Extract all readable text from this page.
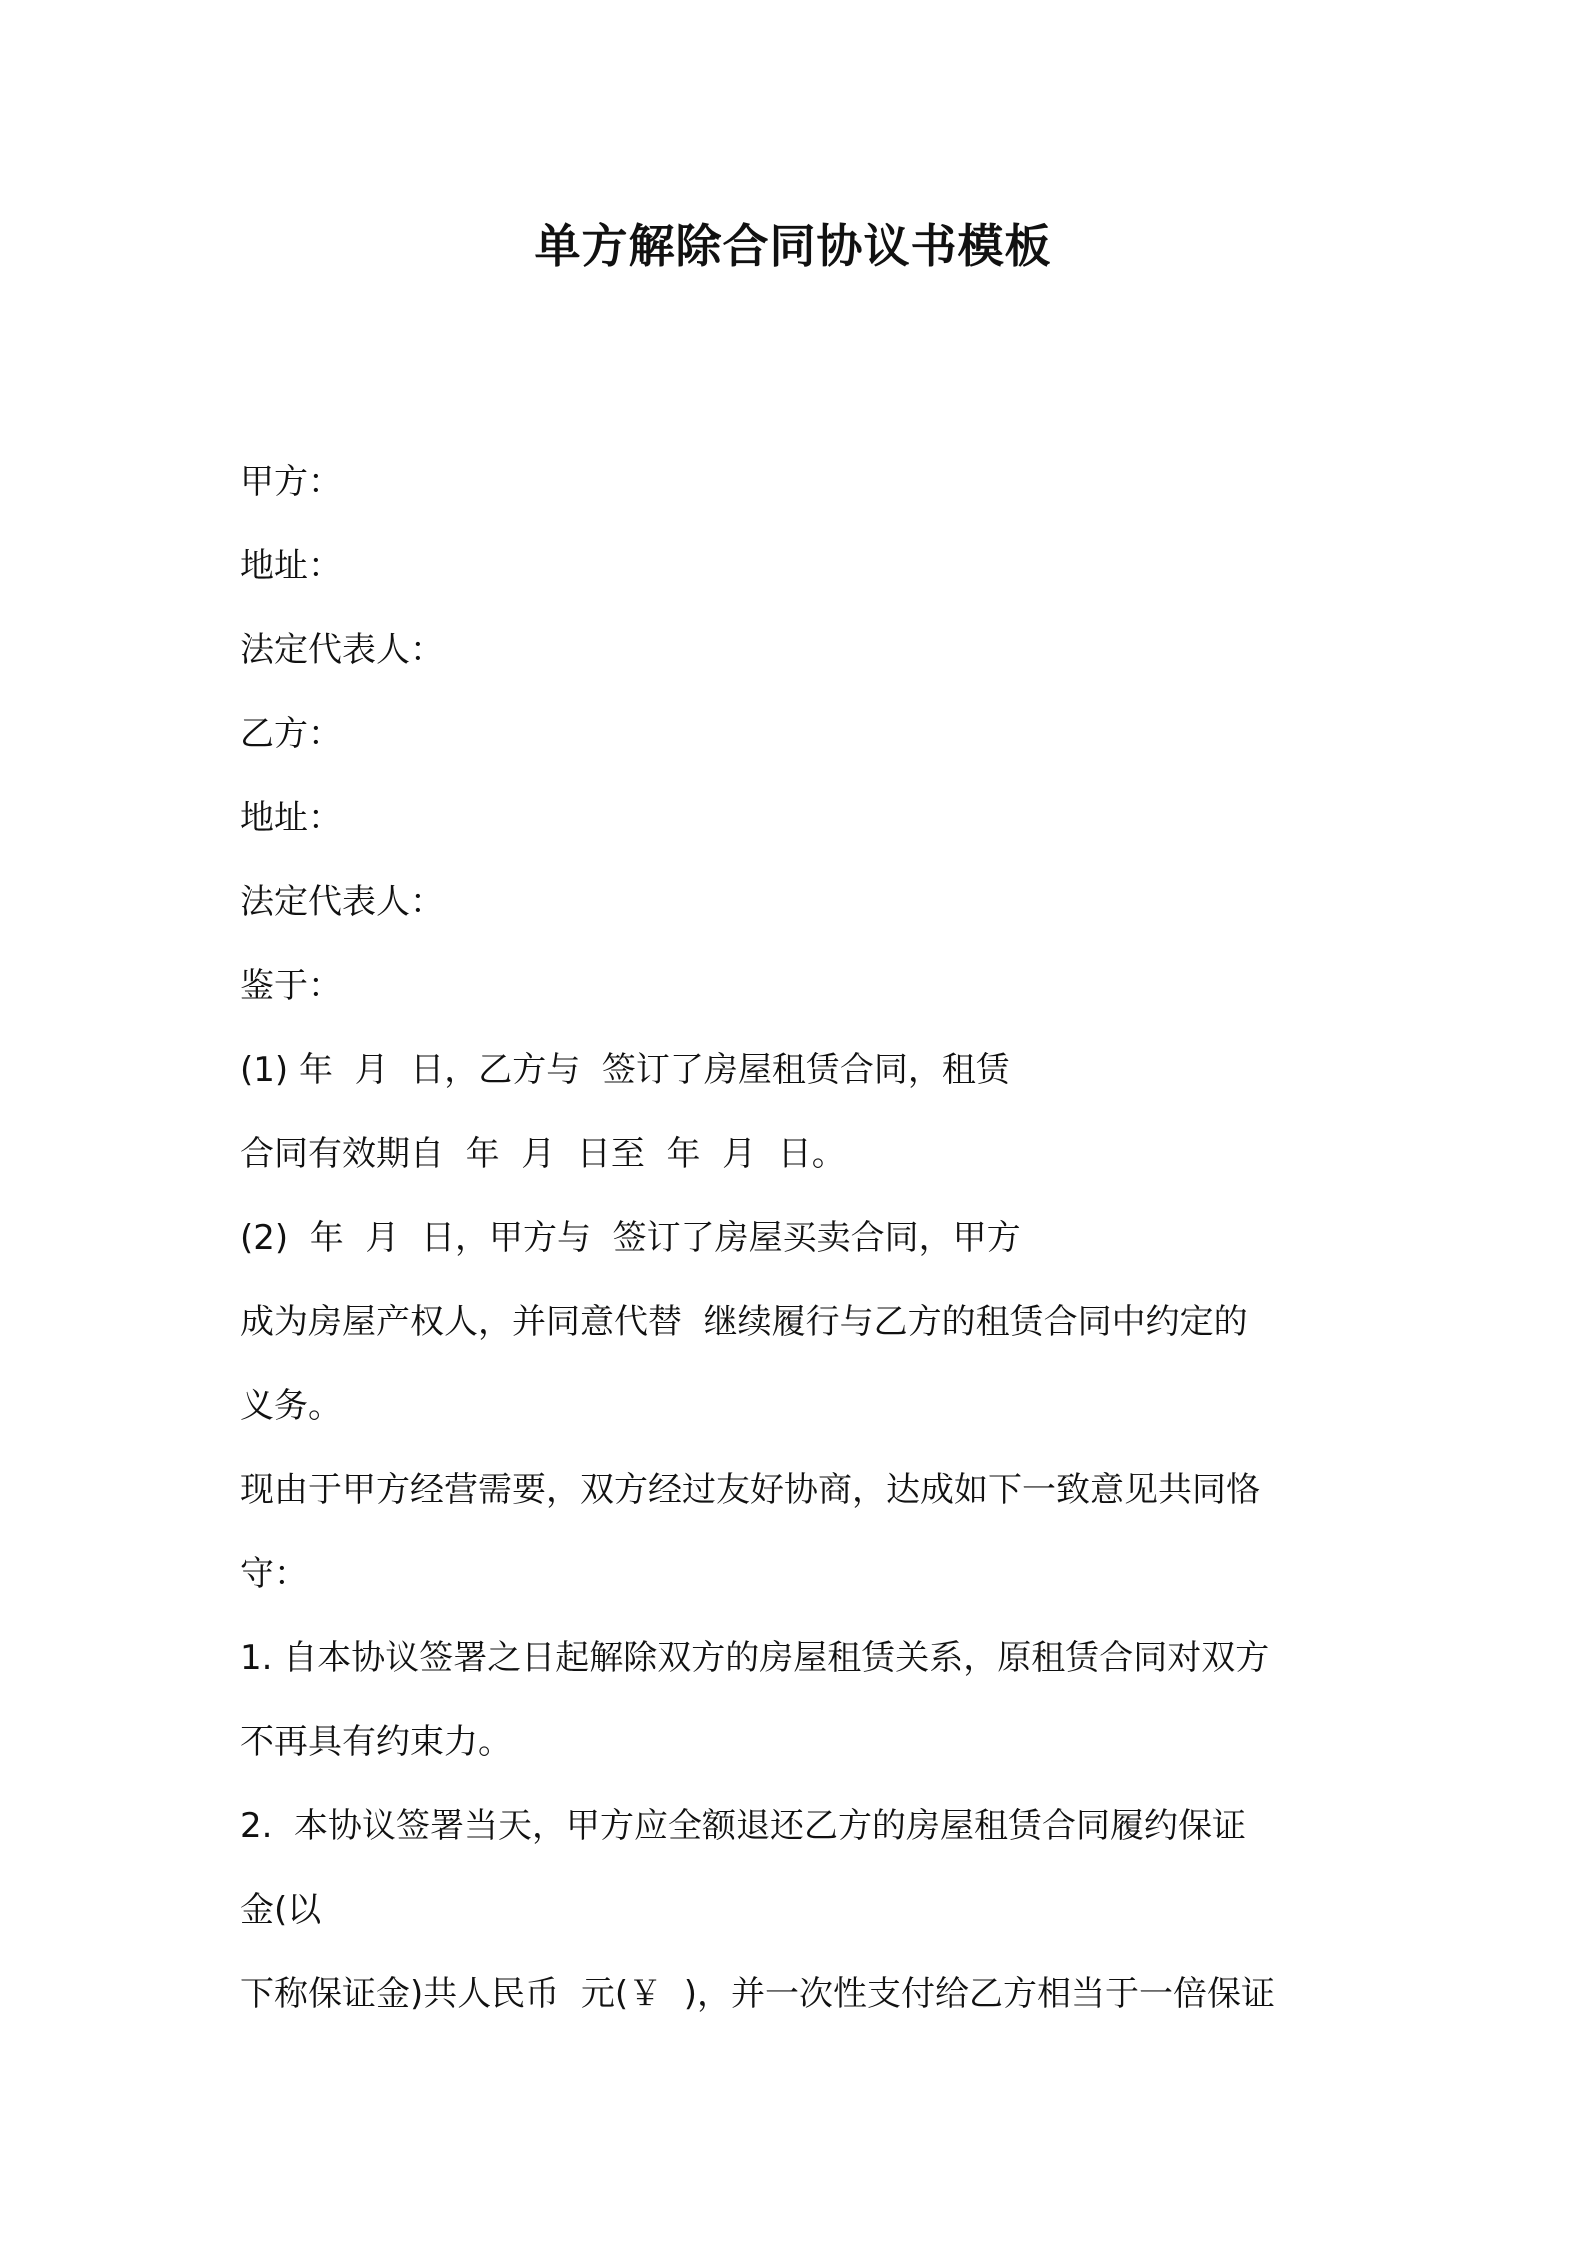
单方解除合同协议书模板

甲方：

地址：

法定代表人：

乙方：

地址：

法定代表人：

鉴于：

(1) 年  月  日，乙方与  签订了房屋租赁合同，租赁

合同有效期自  年  月  日至  年  月  日。

(2)  年  月  日，甲方与  签订了房屋买卖合同，甲方

成为房屋产权人，并同意代替  继续履行与乙方的租赁合同中约定的

义务。

现由于甲方经营需要，双方经过友好协商，达成如下一致意见共同恪

守：

1. 自本协议签署之日起解除双方的房屋租赁关系，原租赁合同对双方

不再具有约束力。

2.  本协议签署当天，甲方应全额退还乙方的房屋租赁合同履约保证

金(以

下称保证金)共人民币  元(￥  )，并一次性支付给乙方相当于一倍保证
